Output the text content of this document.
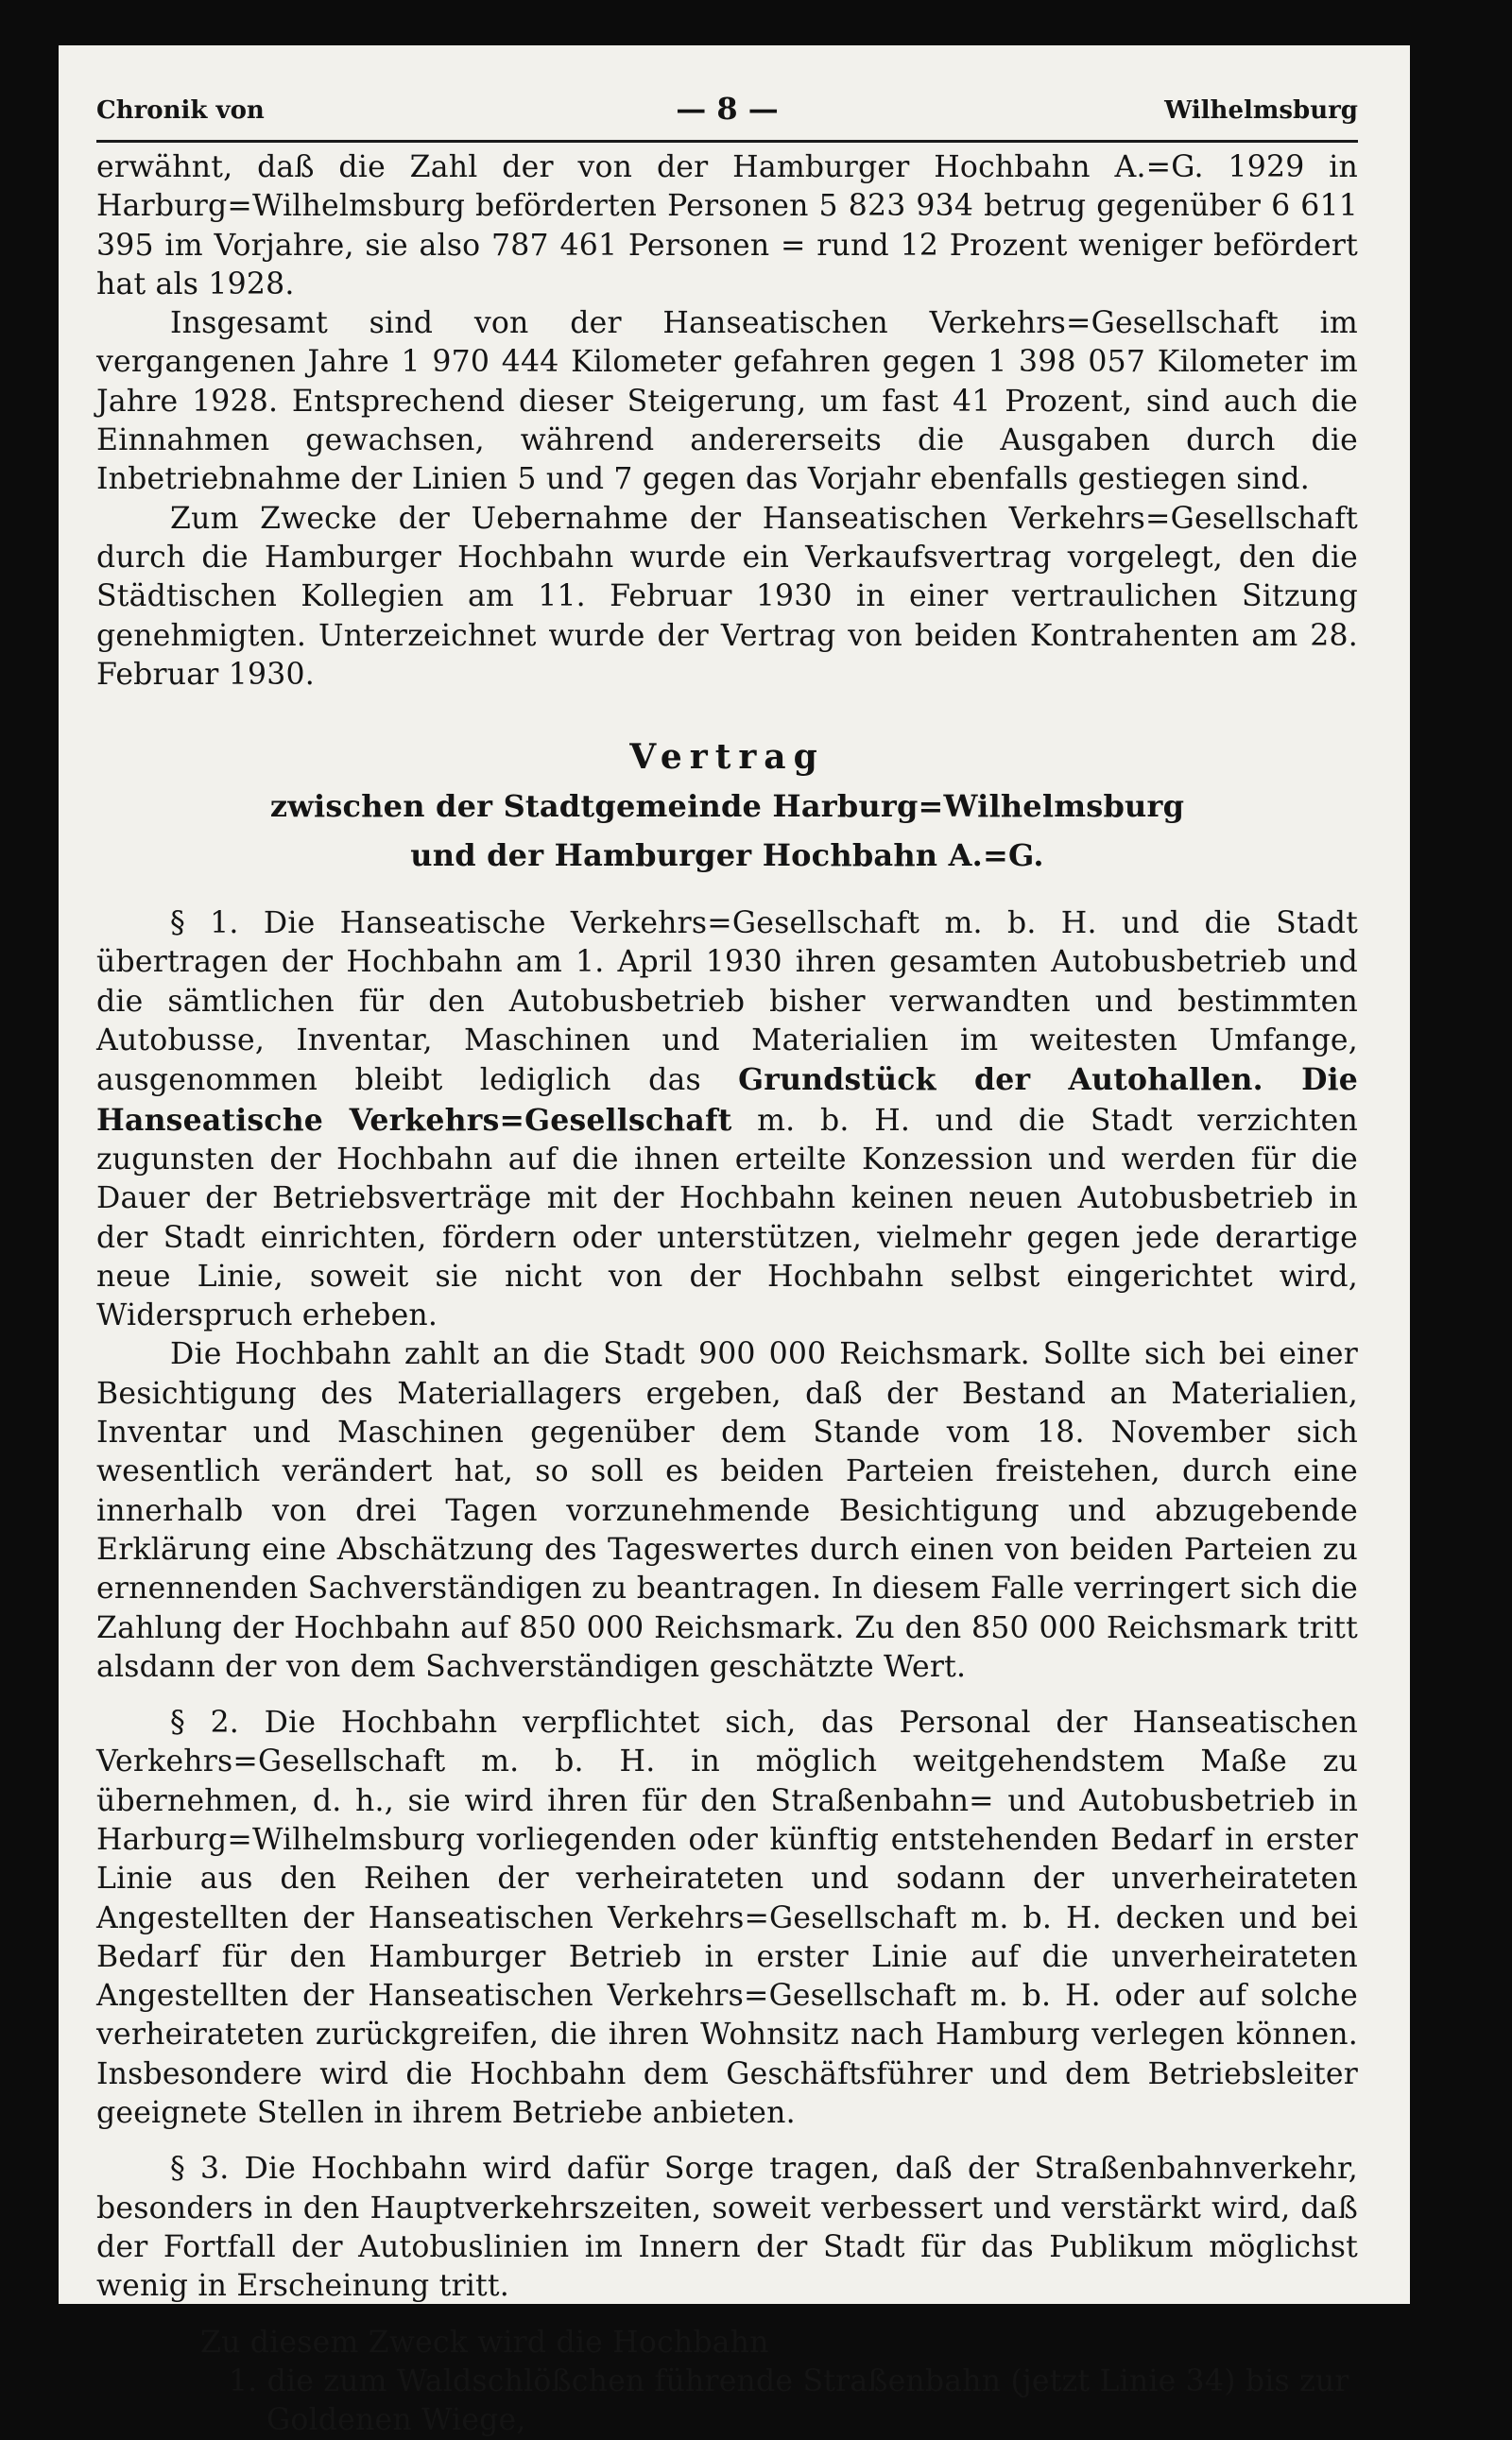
Chronik von	— 8 —	Wilhelmsburg

erwähnt, daß die Zahl der von der Hamburger Hochbahn A.=G. 1929 in Harburg=Wilhelmsburg beförderten Personen 5 823 934 betrug gegenüber 6 611 395 im Vorjahre, sie also 787 461 Personen = rund 12 Prozent weniger befördert hat als 1928.

Insgesamt sind von der Hanseatischen Verkehrs=Gesellschaft im vergangenen Jahre 1 970 444 Kilometer gefahren gegen 1 398 057 Kilometer im Jahre 1928. Entsprechend dieser Steigerung, um fast 41 Prozent, sind auch die Einnahmen gewachsen, während andererseits die Ausgaben durch die Inbetriebnahme der Linien 5 und 7 gegen das Vorjahr ebenfalls gestiegen sind.

Zum Zwecke der Uebernahme der Hanseatischen Verkehrs=Gesellschaft durch die Hamburger Hochbahn wurde ein Verkaufsvertrag vorgelegt, den die Städtischen Kollegien am 11. Februar 1930 in einer vertraulichen Sitzung genehmigten. Unterzeichnet wurde der Vertrag von beiden Kontrahenten am 28. Februar 1930.

Vertrag
zwischen der Stadtgemeinde Harburg=Wilhelmsburg
und der Hamburger Hochbahn A.=G.

§ 1. Die Hanseatische Verkehrs=Gesellschaft m. b. H. und die Stadt übertragen der Hochbahn am 1. April 1930 ihren gesamten Autobusbetrieb und die sämtlichen für den Autobusbetrieb bisher verwandten und bestimmten Autobusse, Inventar, Maschinen und Materialien im weitesten Umfange, ausgenommen bleibt lediglich das Grundstück der Autohallen. Die Hanseatische Verkehrs=Gesellschaft m. b. H. und die Stadt verzichten zugunsten der Hochbahn auf die ihnen erteilte Konzession und werden für die Dauer der Betriebsverträge mit der Hochbahn keinen neuen Autobusbetrieb in der Stadt einrichten, fördern oder unterstützen, vielmehr gegen jede derartige neue Linie, soweit sie nicht von der Hochbahn selbst eingerichtet wird, Widerspruch erheben.

Die Hochbahn zahlt an die Stadt 900 000 Reichsmark. Sollte sich bei einer Besichtigung des Materiallagers ergeben, daß der Bestand an Materialien, Inventar und Maschinen gegenüber dem Stande vom 18. November sich wesentlich verändert hat, so soll es beiden Parteien freistehen, durch eine innerhalb von drei Tagen vorzunehmende Besichtigung und abzugebende Erklärung eine Abschätzung des Tageswertes durch einen von beiden Parteien zu ernennenden Sachverständigen zu beantragen. In diesem Falle verringert sich die Zahlung der Hochbahn auf 850 000 Reichsmark. Zu den 850 000 Reichsmark tritt alsdann der von dem Sachverständigen geschätzte Wert.

§ 2. Die Hochbahn verpflichtet sich, das Personal der Hanseatischen Verkehrs=Gesellschaft m. b. H. in möglich weitgehendstem Maße zu übernehmen, d. h., sie wird ihren für den Straßenbahn= und Autobusbetrieb in Harburg=Wilhelmsburg vorliegenden oder künftig entstehenden Bedarf in erster Linie aus den Reihen der verheirateten und sodann der unverheirateten Angestellten der Hanseatischen Verkehrs=Gesellschaft m. b. H. decken und bei Bedarf für den Hamburger Betrieb in erster Linie auf die unverheirateten Angestellten der Hanseatischen Verkehrs=Gesellschaft m. b. H. oder auf solche verheirateten zurückgreifen, die ihren Wohnsitz nach Hamburg verlegen können. Insbesondere wird die Hochbahn dem Geschäftsführer und dem Betriebsleiter geeignete Stellen in ihrem Betriebe anbieten.

§ 3. Die Hochbahn wird dafür Sorge tragen, daß der Straßenbahnverkehr, besonders in den Hauptverkehrszeiten, soweit verbessert und verstärkt wird, daß der Fortfall der Autobuslinien im Innern der Stadt für das Publikum möglichst wenig in Erscheinung tritt.

Zu diesem Zweck wird die Hochbahn

1. die zum Waldschlößchen führende Straßenbahn (jetzt Linie 34) bis zur Goldenen Wiege,
